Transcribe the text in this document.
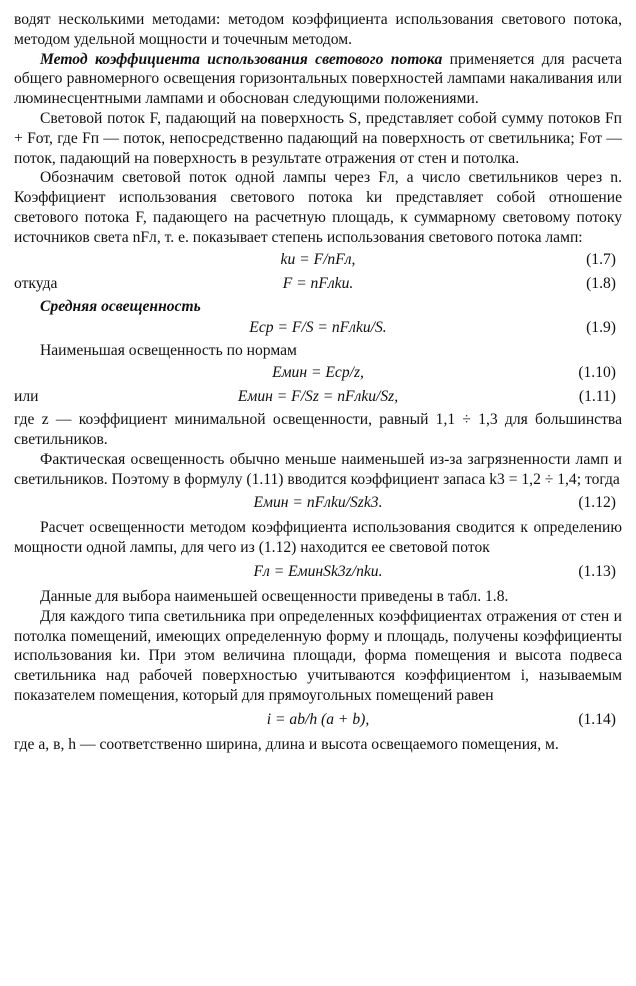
водят несколькими методами: методом коэффициента использования светового потока, методом удельной мощности и точечным методом.

Метод коэффициента использования светового потока применяется для расчета общего равномерного освещения горизонтальных поверхностей лампами накаливания или люминесцентными лампами и обоснован следующими положениями.

Световой поток F, падающий на поверхность S, представляет собой сумму потоков Fп + Fот, где Fп — поток, непосредственно падающий на поверхность от светильника; Fот — поток, падающий на поверхность в результате отражения от стен и потолка.

Обозначим световой поток одной лампы через Fл, а число светильников через n. Коэффициент использования светового потока kи представляет собой отношение светового потока F, падающего на расчетную площадь, к суммарному световому потоку источников света nFл, т. е. показывает степень использования светового потока ламп:

kи = F/nFл,	(1.7)
откуда	F = nFлkи.	(1.8)

Средняя освещенность

Eср = F/S = nFлkи/S.	(1.9)

Наименьшая освещенность по нормам

Eмин = Eср/z,	(1.10)
или	Eмин = F/Sz = nFлkи/Sz,	(1.11)

где z — коэффициент минимальной освещенности, равный 1,1 ÷ 1,3 для большинства светильников.

Фактическая освещенность обычно меньше наименьшей из-за загрязненности ламп и светильников. Поэтому в формулу (1.11) вводится коэффициент запаса k3 = 1,2 ÷ 1,4; тогда

Eмин = nFлkи/Szk3.	(1.12)

Расчет освещенности методом коэффициента использования сводится к определению мощности одной лампы, для чего из (1.12) находится ее световой поток

Fл = EминSk3z/nkи.	(1.13)

Данные для выбора наименьшей освещенности приведены в табл. 1.8.

Для каждого типа светильника при определенных коэффициентах отражения от стен и потолка помещений, имеющих определенную форму и площадь, получены коэффициенты использования kи. При этом величина площади, форма помещения и высота подвеса светильника над рабочей поверхностью учитываются коэффициентом i, называемым показателем помещения, который для прямоугольных помещений равен

i = ab/h (a + b),	(1.14)

где a, в, h — соответственно ширина, длина и высота освещаемого помещения, м.
